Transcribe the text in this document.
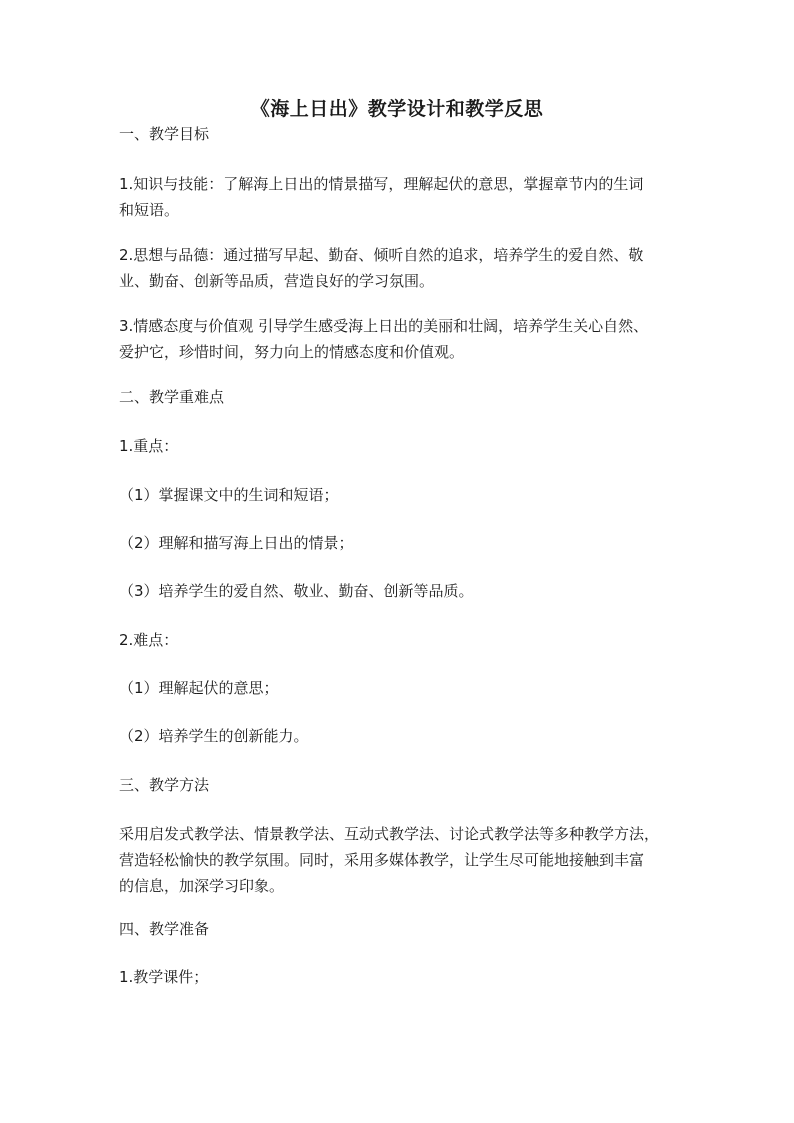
《海上日出》教学设计和教学反思
一、教学目标
1.知识与技能：了解海上日出的情景描写，理解起伏的意思，掌握章节内的生词
和短语。
2.思想与品德：通过描写早起、勤奋、倾听自然的追求，培养学生的爱自然、敬
业、勤奋、创新等品质，营造良好的学习氛围。
3.情感态度与价值观 引导学生感受海上日出的美丽和壮阔，培养学生关心自然、
爱护它，珍惜时间，努力向上的情感态度和价值观。
二、教学重难点
1.重点：
（1）掌握课文中的生词和短语；
（2）理解和描写海上日出的情景；
（3）培养学生的爱自然、敬业、勤奋、创新等品质。
2.难点：
（1）理解起伏的意思；
（2）培养学生的创新能力。
三、教学方法
采用启发式教学法、情景教学法、互动式教学法、讨论式教学法等多种教学方法，
营造轻松愉快的教学氛围。同时，采用多媒体教学，让学生尽可能地接触到丰富
的信息，加深学习印象。
四、教学准备
1.教学课件；
